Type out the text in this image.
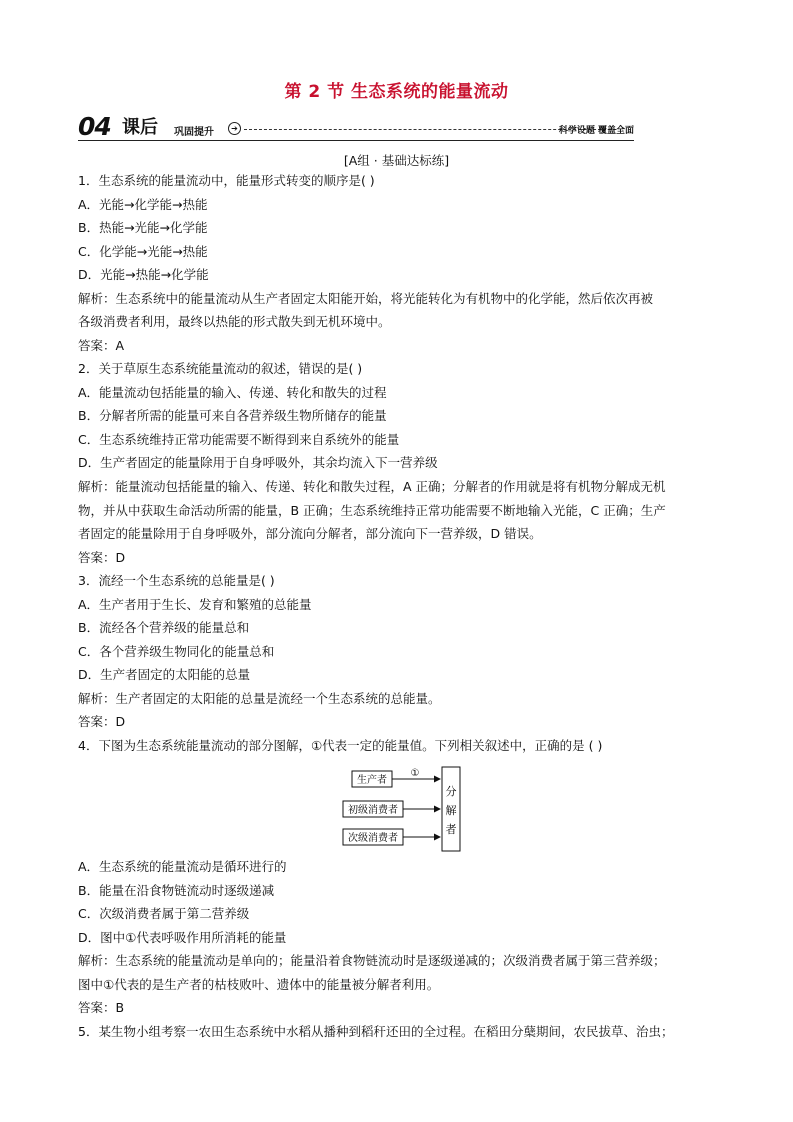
第 2 节 生态系统的能量流动
04 课后 巩固提升	➔	科学设题 覆盖全面
[A组 · 基础达标练]
1．生态系统的能量流动中，能量形式转变的顺序是( )
A．光能→化学能→热能
B．热能→光能→化学能
C．化学能→光能→热能
D．光能→热能→化学能
解析：生态系统中的能量流动从生产者固定太阳能开始，将光能转化为有机物中的化学能，然后依次再被
各级消费者利用，最终以热能的形式散失到无机环境中。
答案：A
2．关于草原生态系统能量流动的叙述，错误的是( )
A．能量流动包括能量的输入、传递、转化和散失的过程
B．分解者所需的能量可来自各营养级生物所储存的能量
C．生态系统维持正常功能需要不断得到来自系统外的能量
D．生产者固定的能量除用于自身呼吸外，其余均流入下一营养级
解析：能量流动包括能量的输入、传递、转化和散失过程，A 正确；分解者的作用就是将有机物分解成无机
物，并从中获取生命活动所需的能量，B 正确；生态系统维持正常功能需要不断地输入光能，C 正确；生产
者固定的能量除用于自身呼吸外，部分流向分解者，部分流向下一营养级，D 错误。
答案：D
3．流经一个生态系统的总能量是( )
A．生产者用于生长、发育和繁殖的总能量
B．流经各个营养级的能量总和
C．各个营养级生物同化的能量总和
D．生产者固定的太阳能的总量
解析：生产者固定的太阳能的总量是流经一个生态系统的总能量。
答案：D
4．下图为生态系统能量流动的部分图解，①代表一定的能量值。下列相关叙述中，正确的是 ( )
A．生态系统的能量流动是循环进行的
B．能量在沿食物链流动时逐级递减
C．次级消费者属于第二营养级
D．图中①代表呼吸作用所消耗的能量
解析：生态系统的能量流动是单向的；能量沿着食物链流动时是逐级递减的；次级消费者属于第三营养级；
图中①代表的是生产者的枯枝败叶、遗体中的能量被分解者利用。
答案：B
5．某生物小组考察一农田生态系统中水稻从播种到稻秆还田的全过程。在稻田分蘖期间，农民拔草、治虫；
生产者
①
初级消费者
次级消费者
分
解
者
